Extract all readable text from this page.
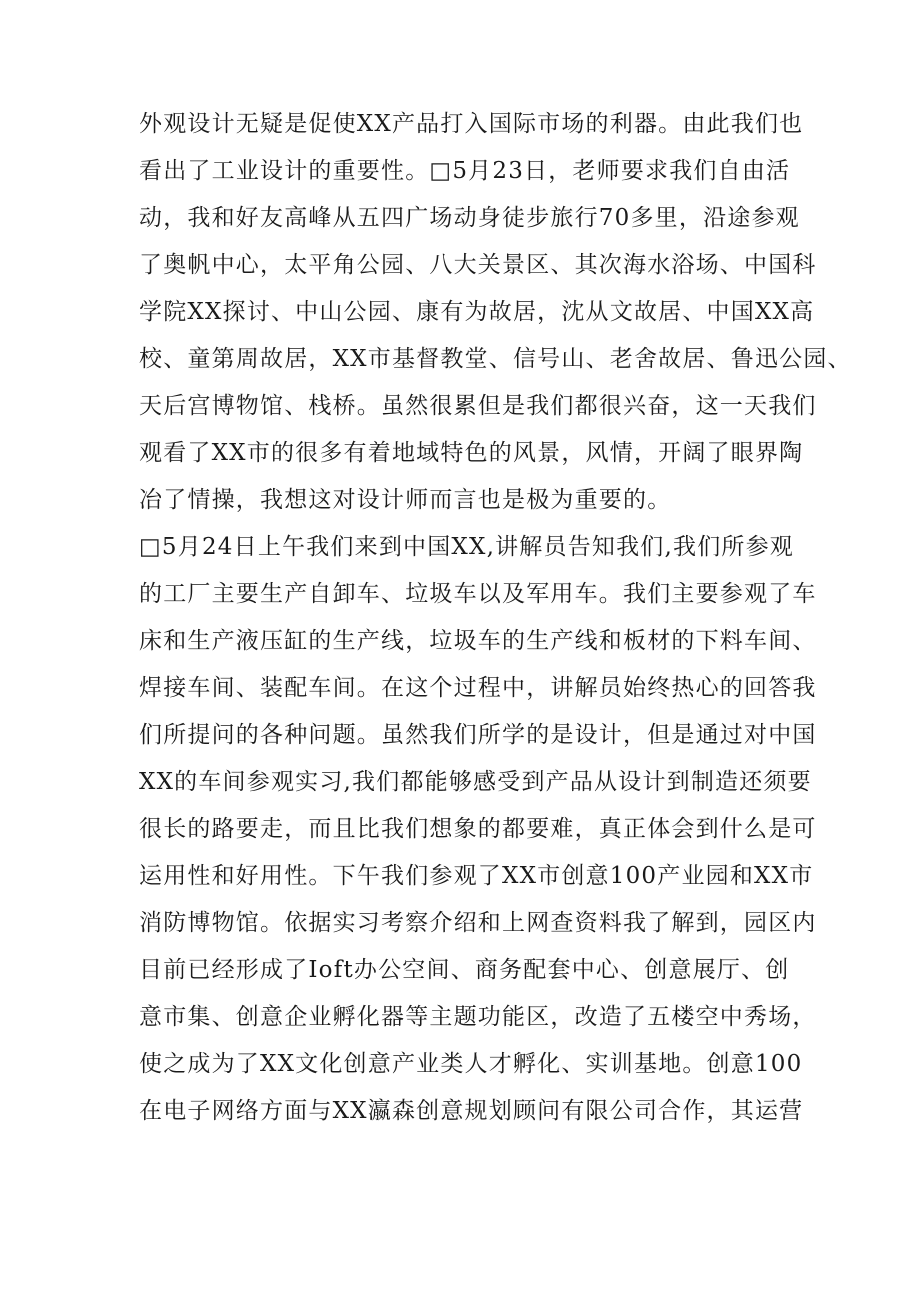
外观设计无疑是促使XX产品打入国际市场的利器。由此我们也
看出了工业设计的重要性。□5月23日，老师要求我们自由活
动，我和好友高峰从五四广场动身徒步旅行70多里，沿途参观
了奥帆中心，太平角公园、八大关景区、其次海水浴场、中国科
学院XX探讨、中山公园、康有为故居，沈从文故居、中国XX高
校、童第周故居，XX市基督教堂、信号山、老舍故居、鲁迅公园、
天后宫博物馆、栈桥。虽然很累但是我们都很兴奋，这一天我们
观看了XX市的很多有着地域特色的风景，风情，开阔了眼界陶
冶了情操，我想这对设计师而言也是极为重要的。
□5月24日上午我们来到中国XX,讲解员告知我们,我们所参观
的工厂主要生产自卸车、垃圾车以及军用车。我们主要参观了车
床和生产液压缸的生产线，垃圾车的生产线和板材的下料车间、
焊接车间、装配车间。在这个过程中，讲解员始终热心的回答我
们所提问的各种问题。虽然我们所学的是设计，但是通过对中国
XX的车间参观实习,我们都能够感受到产品从设计到制造还须要
很长的路要走，而且比我们想象的都要难，真正体会到什么是可
运用性和好用性。下午我们参观了XX市创意100产业园和XX市
消防博物馆。依据实习考察介绍和上网查资料我了解到，园区内
目前已经形成了Ioft办公空间、商务配套中心、创意展厅、创
意市集、创意企业孵化器等主题功能区，改造了五楼空中秀场，
使之成为了XX文化创意产业类人才孵化、实训基地。创意100
在电子网络方面与XX瀛森创意规划顾问有限公司合作，其运营
